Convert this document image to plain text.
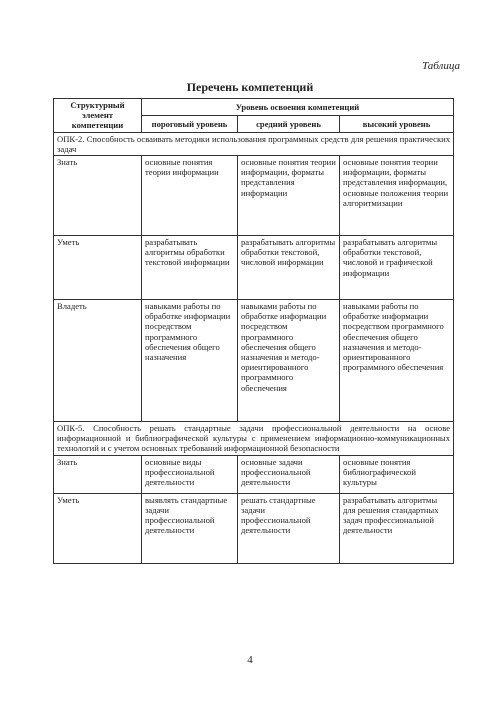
Таблица
Перечень компетенций
Структурный элемент компетенции	Уровень освоения компетенций		
	пороговый уровень	средний уровень	высокий уровень
ОПК-2. Способность осваивать методики использования программных средств для решения практических задач			
Знать	основные понятия теории информации	основные понятия теории информации, форматы представления информации	основные понятия теории информации, форматы представления информации, основные положения теории алгоритмизации
Уметь	разрабатывать алгоритмы обработки текстовой информации	разрабатывать алгоритмы обработки текстовой, числовой информации	разрабатывать алгоритмы обработки текстовой, числовой и графической информации
Владеть	навыками работы по обработке информации посредством программного обеспечения общего назначения	навыками работы по обработке информации посредством программного обеспечения общего назначения и методо-ориентированного программного обеспечения	навыками работы по обработке информации посредством программного обеспечения общего назначения и методо-ориентированного программного обеспечения
ОПК-5. Способность решать стандартные задачи профессиональной деятельности на основе информационной и библиографической культуры с применением информационно-коммуникационных технологий и с учетом основных требований информационной безопасности			
Знать	основные виды профессиональной деятельности	основные задачи профессиональной деятельности	основные понятия библиографической культуры
Уметь	выявлять стандартные задачи профессиональной деятельности	решать стандартные задачи профессиональной деятельности	разрабатывать алгоритмы для решения стандартных задач профессиональной деятельности
4
